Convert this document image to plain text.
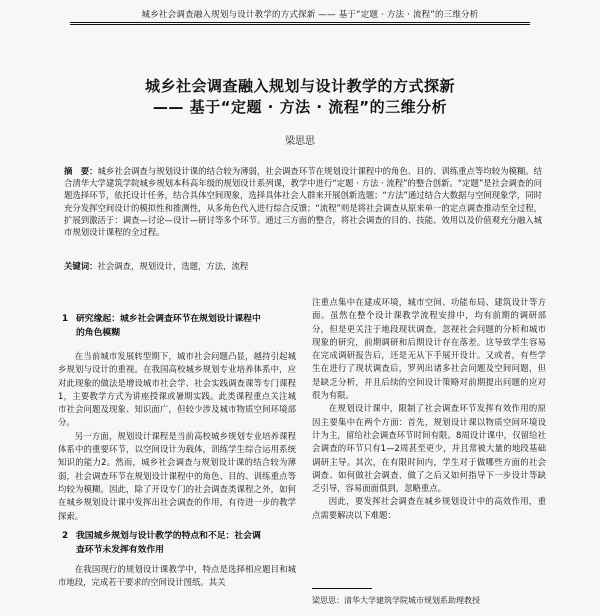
城乡社会调查融入规划与设计教学的方式探新 —— 基于“定题 · 方法 · 流程”的三维分析
城乡社会调查融入规划与设计教学的方式探新
—— 基于“定题 · 方法 · 流程”的三维分析
梁思思
摘　要：城乡社会调查与规划设计课的结合较为薄弱，社会调查环节在规划设计课程中的角色、目的、训练重点等均较为模糊。结合清华大学建筑学院城乡规划本科高年级的规划设计系列课，教学中进行“定题 · 方法 · 流程”的整合创新。“定题”是社会调查的问题选择环节，依托设计任务，结合具体空间现象，选择具体社会人群来开展创新选题；“方法”通过结合大数据与空间现象学，同时充分发挥空间设计的模拟性和推测性，从多角色代入进行综合反馈；“流程”则是将社会调查从原来单一的定点调查推动至全过程，扩展到激活于：调查—讨论—设计—研讨等多个环节。通过三方面的整合，将社会调查的目的、技能、效用以及价值观充分融入城市规划设计课程的全过程。
关键词：社会调查，规划设计，选题，方法，流程
1 研究缘起：城乡社会调查环节在规划设计课程中
的角色模糊

在当前城市发展转型期下，城市社会问题凸显，越持引起城乡规划与设计的重视。在我国高校城乡规划专业培养体系中，应对此现象的做法是增设城市社会学、社会实践调查课等专门课程1，主要教学方式为讲座授课或暑期实践。此类课程重点关注城市社会问题及现象、知识面广，但较少涉及城市物质空间环境部分。

另一方面，规划设计课程是当前高校城乡规划专业培养课程体系中的重要环节，以空间设计为载体，训练学生综合运用系统知识的能力2。然而，城乡社会调查与规划设计课的结合较为薄弱，社会调查环节在规划设计课程中的角色、目的、训练重点等均较为模糊。因此，除了开设专门的社会调查类课程之外，如何在城乡规划设计课中发挥出社会调查的作用，有待进一步的教学探索。

2 我国城乡规划与设计教学的特点和不足：社会调
查环节未发挥有效作用

在我国现行的规划设计课教学中，特点是选择相应题目和城市地段，完成若干要求的空间设计图纸。其关

注重点集中在建成环境，城市空间、功能布局、建筑设计等方面。虽然在整个设计课教学流程安排中，均有前期的调研部分，但是更关注于地段现状调查，忽视社会问题的分析和城市现象的研究，前期调研和后期设计存在落差。这导致学生容易在完成调研报告后，还是无从下手展开设计。又或者，有些学生在进行了现状调查后，罗列出诸多社会问题及空间问题，但是缺乏分析，并且后续的空间设计策略对前期提出问题的应对很为有限。

在规划设计课中，限制了社会调查环节发挥有效作用的原因主要集中在两个方面：首先，规划设计课以物质空间环境设计为主，留给社会调查环节时间有限。8周设计课中，仅留给社会调查的环节只有1—2周甚至更少，并且常被大量的地段基础调研主导。其次，在有限时间内，学生对于做哪些方面的社会调查、如何做社会调查、做了之后又如何指导下一步设计等缺乏引导，容易面面俱到，忽略重点。

因此，要发挥社会调查在城乡规划设计中的高效作用，重点需要解决以下难题：

梁思思：清华大学建筑学院城市规划系助理教授
